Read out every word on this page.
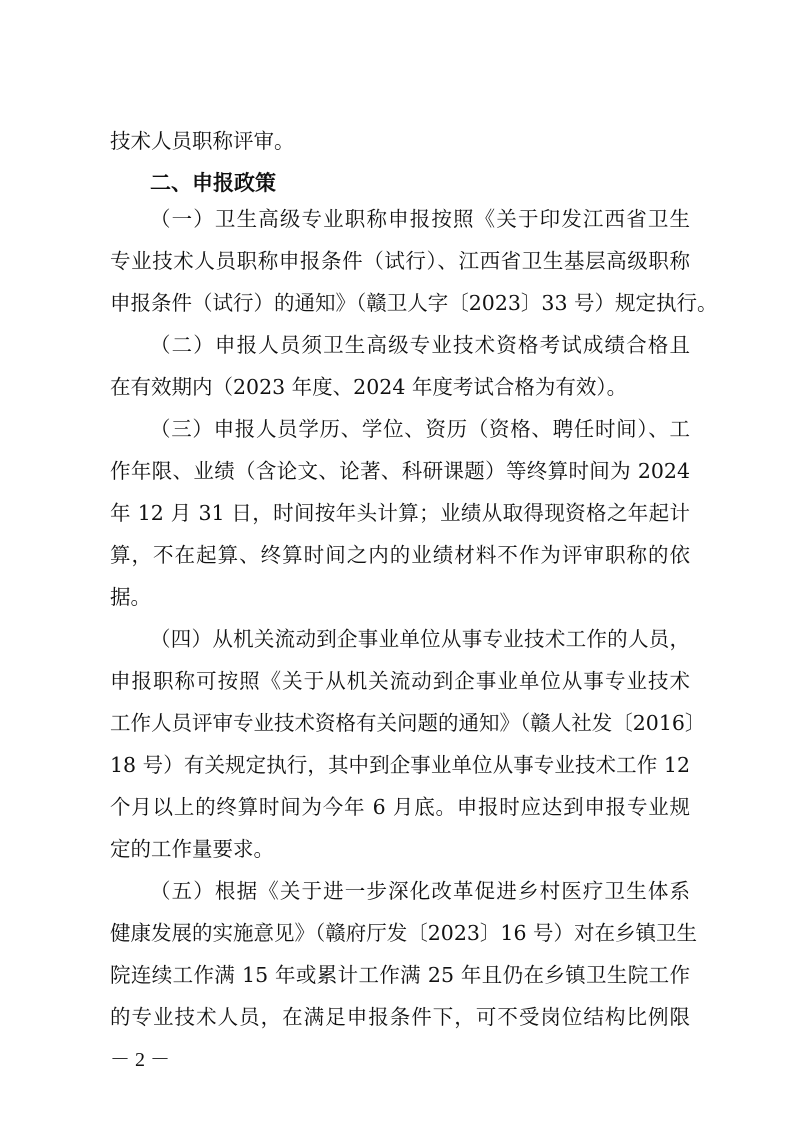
技术人员职称评审。
二、申报政策
（一）卫生高级专业职称申报按照《关于印发江西省卫生
专业技术人员职称申报条件（试行）、江西省卫生基层高级职称
申报条件（试行）的通知》（赣卫人字〔2023〕33 号）规定执行。
（二）申报人员须卫生高级专业技术资格考试成绩合格且
在有效期内（2023 年度、2024 年度考试合格为有效）。
（三）申报人员学历、学位、资历（资格、聘任时间）、工
作年限、业绩（含论文、论著、科研课题）等终算时间为 2024
年 12 月 31 日，时间按年头计算；业绩从取得现资格之年起计
算，不在起算、终算时间之内的业绩材料不作为评审职称的依
据。
（四）从机关流动到企事业单位从事专业技术工作的人员，
申报职称可按照《关于从机关流动到企事业单位从事专业技术
工作人员评审专业技术资格有关问题的通知》（赣人社发〔2016〕
18 号）有关规定执行，其中到企事业单位从事专业技术工作 12
个月以上的终算时间为今年 6 月底。申报时应达到申报专业规
定的工作量要求。
（五）根据《关于进一步深化改革促进乡村医疗卫生体系
健康发展的实施意见》（赣府厅发〔2023〕16 号）对在乡镇卫生
院连续工作满 15 年或累计工作满 25 年且仍在乡镇卫生院工作
的专业技术人员，在满足申报条件下，可不受岗位结构比例限
－ 2 －
